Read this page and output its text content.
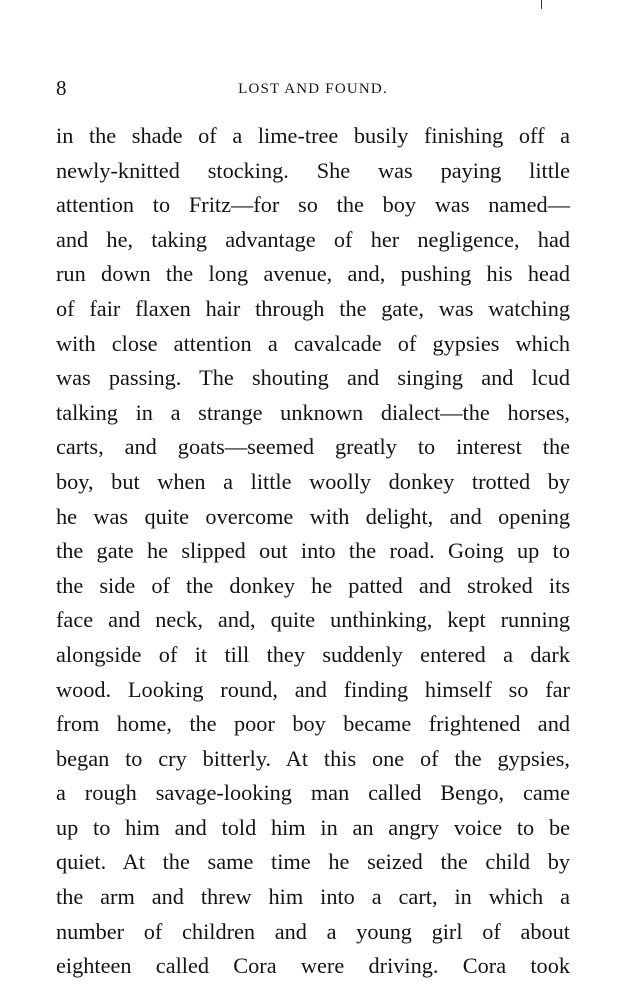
8	LOST AND FOUND.
in the shade of a lime-tree busily finishing off a
newly-knitted stocking. She was paying little
attention to Fritz—for so the boy was named—
and he, taking advantage of her negligence, had
run down the long avenue, and, pushing his head
of fair flaxen hair through the gate, was watching
with close attention a cavalcade of gypsies which
was passing. The shouting and singing and lcud
talking in a strange unknown dialect—the horses,
carts, and goats—seemed greatly to interest the
boy, but when a little woolly donkey trotted by
he was quite overcome with delight, and opening
the gate he slipped out into the road. Going up to
the side of the donkey he patted and stroked its
face and neck, and, quite unthinking, kept running
alongside of it till they suddenly entered a dark
wood. Looking round, and finding himself so far
from home, the poor boy became frightened and
began to cry bitterly. At this one of the gypsies,
a rough savage-looking man called Bengo, came
up to him and told him in an angry voice to be
quiet. At the same time he seized the child by
the arm and threw him into a cart, in which a
number of children and a young girl of about
eighteen called Cora were driving. Cora took
